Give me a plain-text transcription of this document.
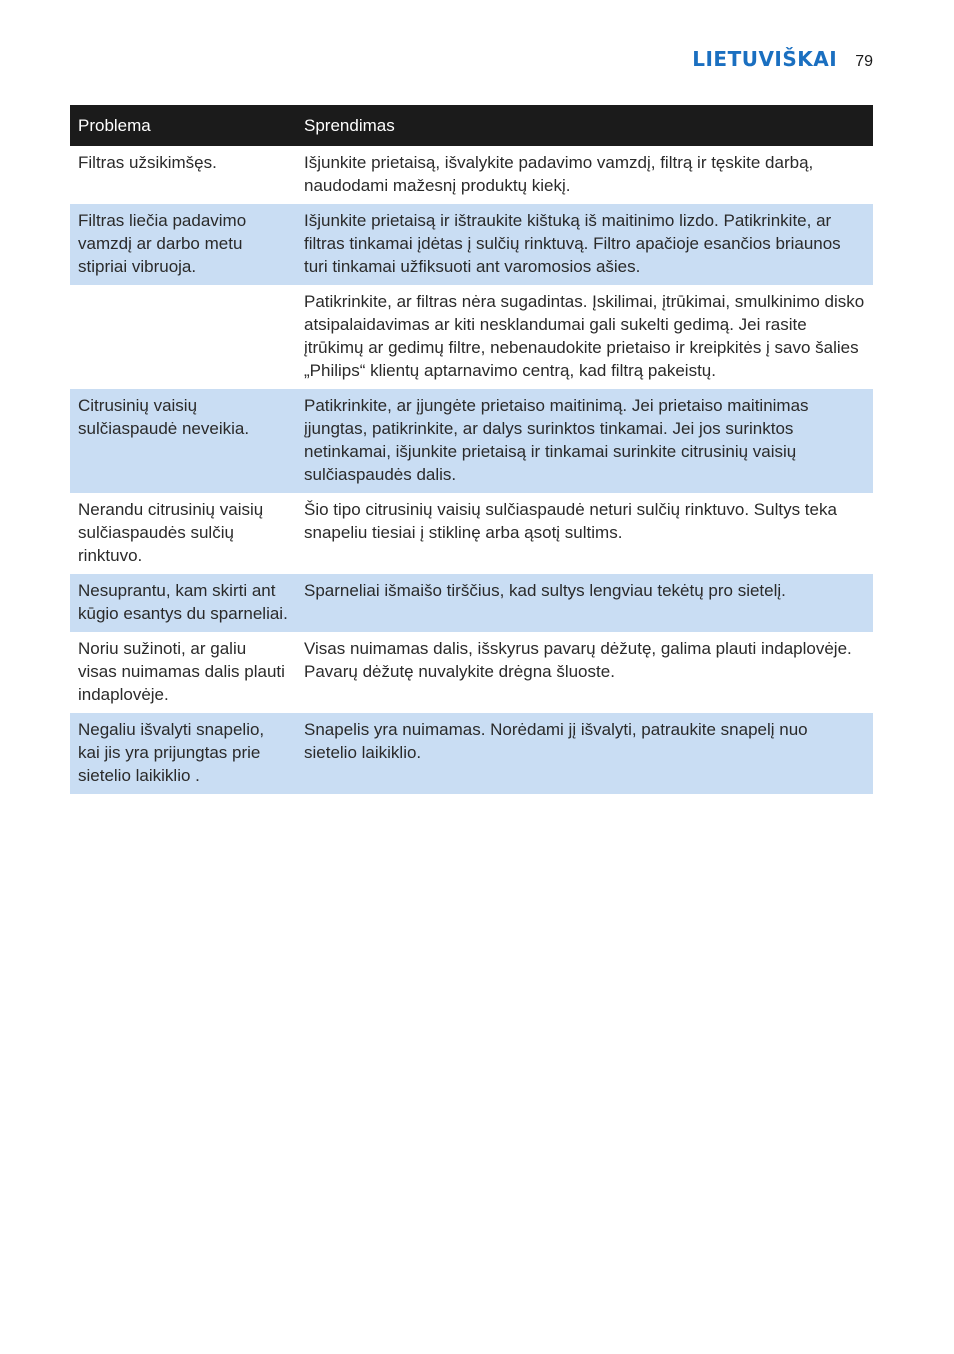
LIETUVIŠKAI 79
Problema	Sprendimas
Filtras užsikimšęs.	Išjunkite prietaisą, išvalykite padavimo vamzdį, filtrą ir tęskite darbą, naudodami mažesnį produktų kiekį.
Filtras liečia padavimo vamzdį ar darbo metu stipriai vibruoja.	Išjunkite prietaisą ir ištraukite kištuką iš maitinimo lizdo. Patikrinkite, ar filtras tinkamai įdėtas į sulčių rinktuvą. Filtro apačioje esančios briaunos turi tinkamai užfiksuoti ant varomosios ašies.
	Patikrinkite, ar filtras nėra sugadintas. Įskilimai, įtrūkimai, smulkinimo disko atsipalaidavimas ar kiti nesklandumai gali sukelti gedimą. Jei rasite įtrūkimų ar gedimų filtre, nebenaudokite prietaiso ir kreipkitės į savo šalies „Philips“ klientų aptarnavimo centrą, kad filtrą pakeistų.
Citrusinių vaisių sulčiaspaudė neveikia.	Patikrinkite, ar įjungėte prietaiso maitinimą. Jei prietaiso maitinimas įjungtas, patikrinkite, ar dalys surinktos tinkamai. Jei jos surinktos netinkamai, išjunkite prietaisą ir tinkamai surinkite citrusinių vaisių sulčiaspaudės dalis.
Nerandu citrusinių vaisių sulčiaspaudės sulčių rinktuvo.	Šio tipo citrusinių vaisių sulčiaspaudė neturi sulčių rinktuvo. Sultys teka snapeliu tiesiai į stiklinę arba ąsotį sultims.
Nesuprantu, kam skirti ant kūgio esantys du sparneliai.	Sparneliai išmaišo tirščius, kad sultys lengviau tekėtų pro sietelį.
Noriu sužinoti, ar galiu visas nuimamas dalis plauti indaplovėje.	Visas nuimamas dalis, išskyrus pavarų dėžutę, galima plauti indaplovėje. Pavarų dėžutę nuvalykite drėgna šluoste.
Negaliu išvalyti snapelio, kai jis yra prijungtas prie sietelio laikiklio .	Snapelis yra nuimamas. Norėdami jį išvalyti, patraukite snapelį nuo sietelio laikiklio.
